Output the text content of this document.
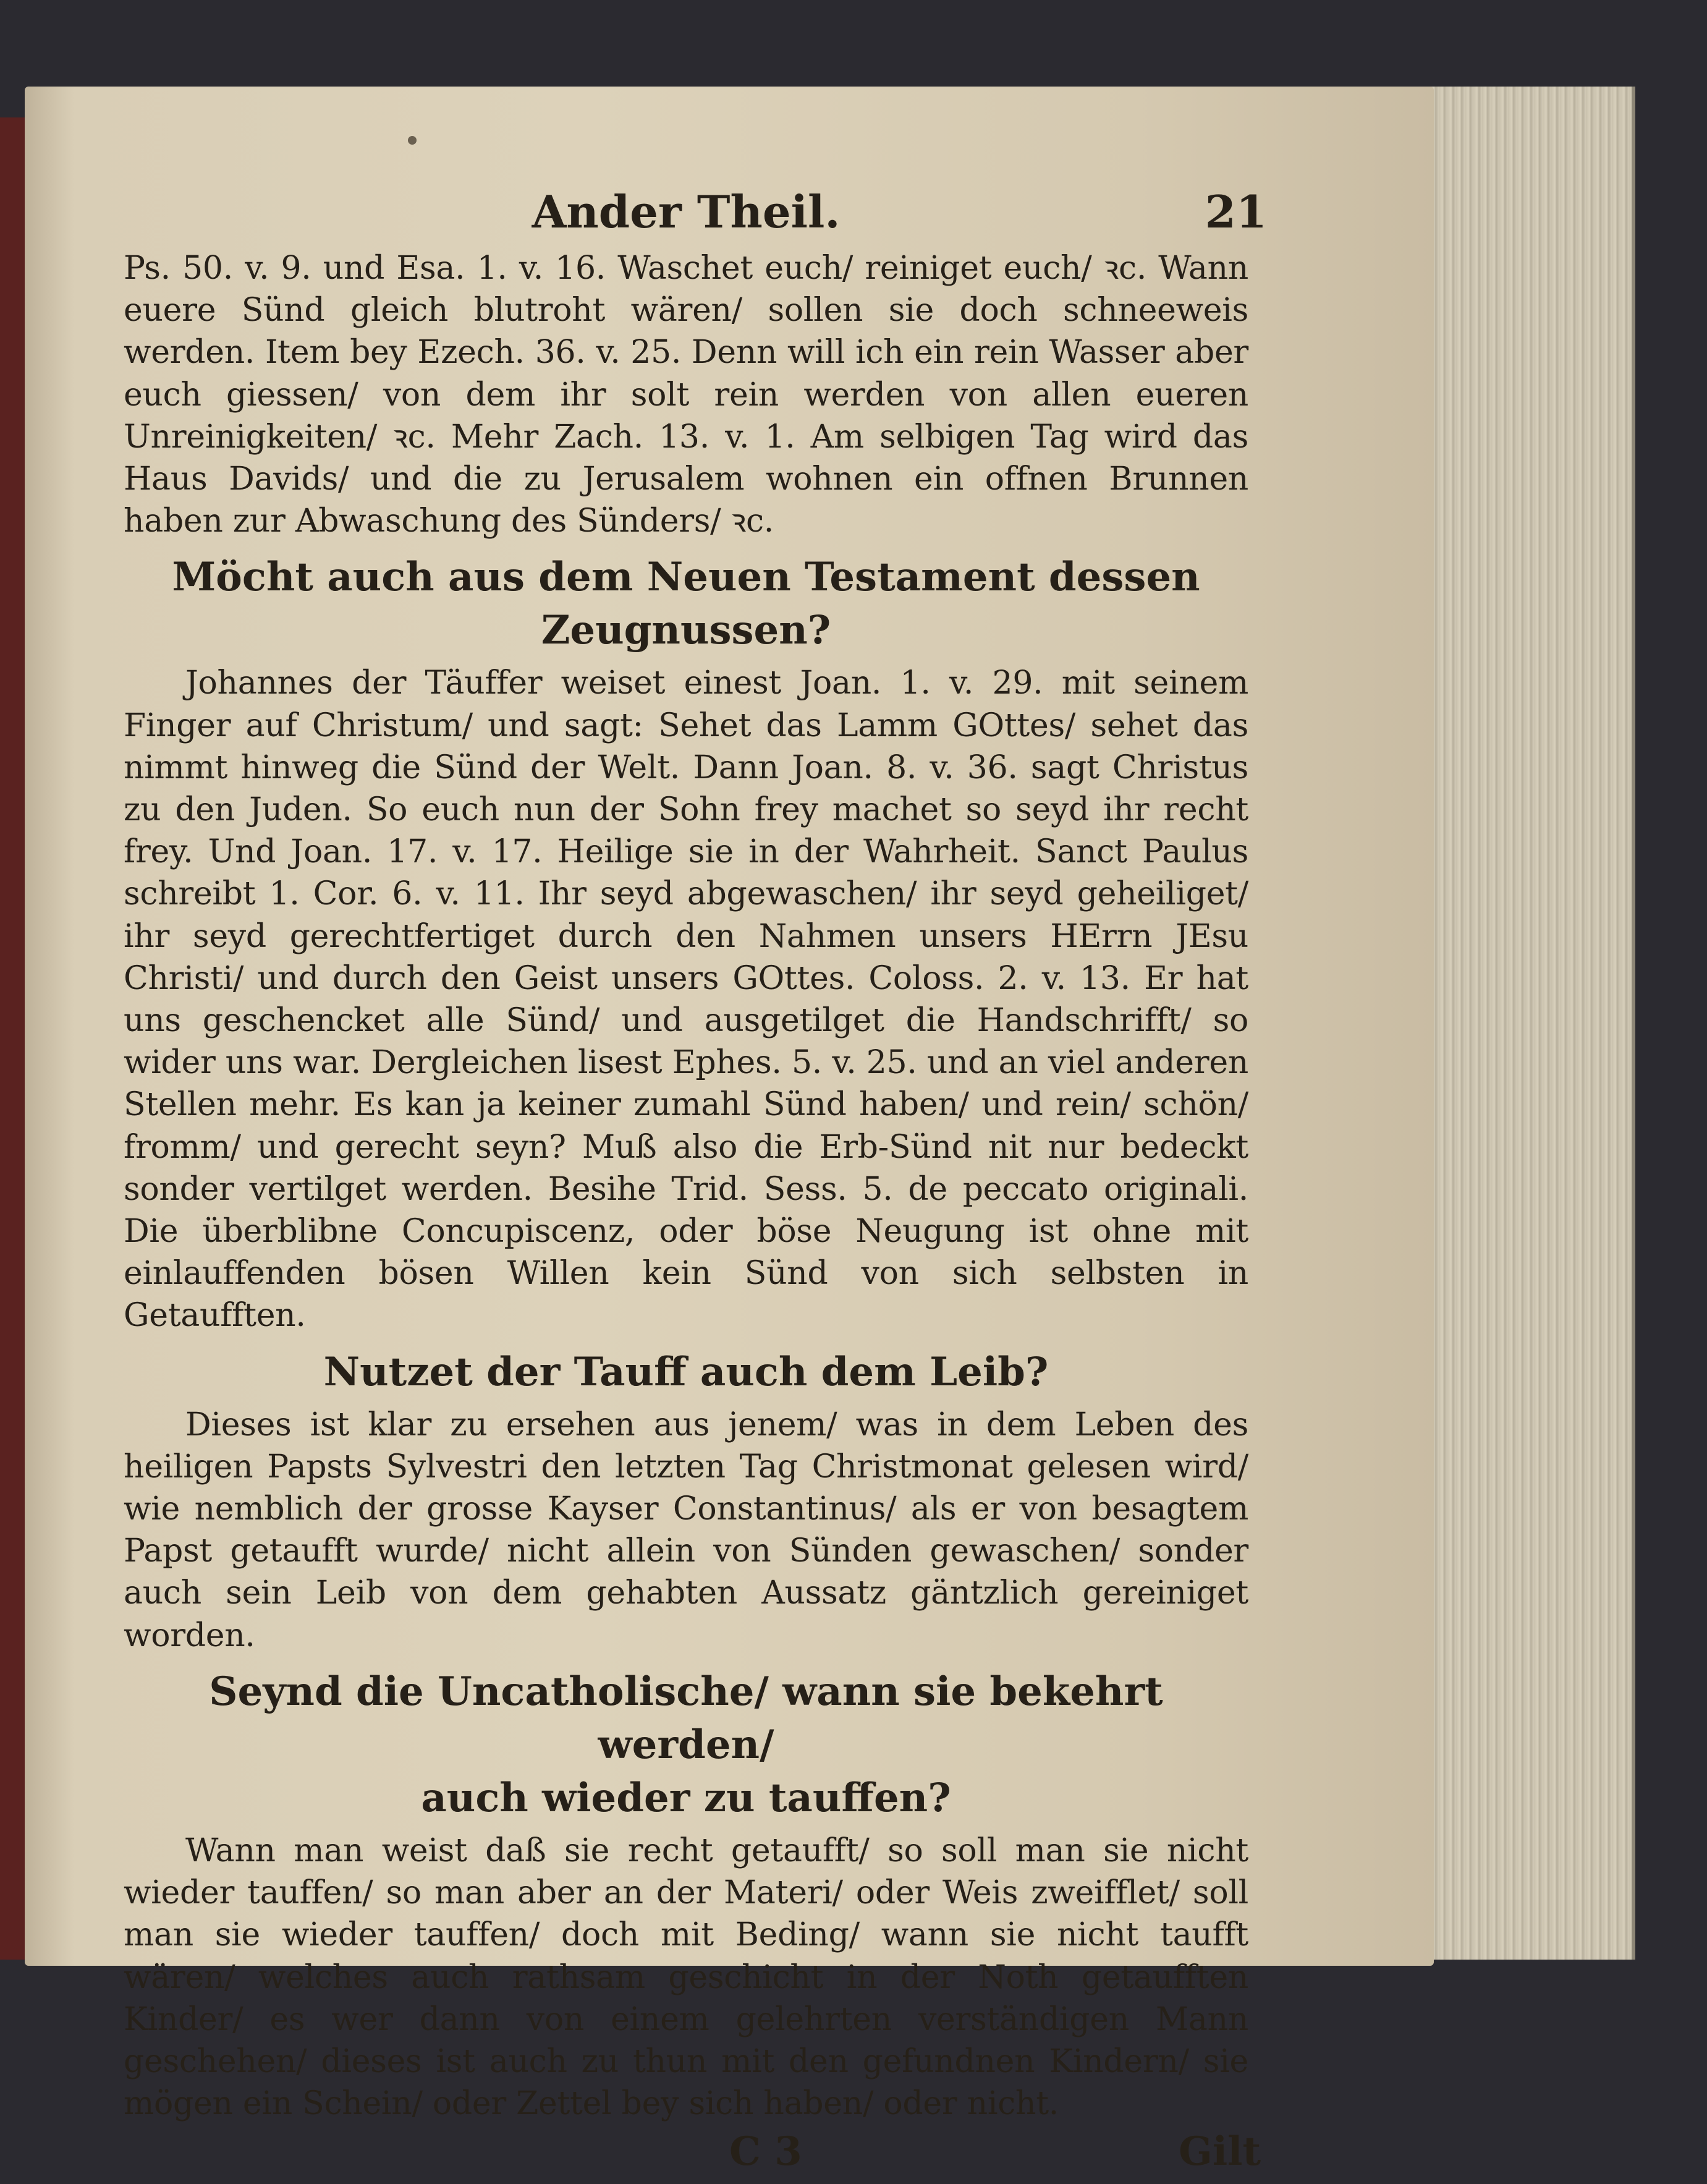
Ander Theil.	21

Ps. 50. v. 9. und Esa. 1. v. 16. Waschet euch/ reiniget euch/ ꝛc. Wann euere Sünd gleich blutroht wären/ sollen sie doch schneeweis werden. Item bey Ezech. 36. v. 25. Denn will ich ein rein Wasser aber euch giessen/ von dem ihr solt rein werden von allen eueren Unreinigkeiten/ ꝛc. Mehr Zach. 13. v. 1. Am selbigen Tag wird das Haus Davids/ und die zu Jerusalem wohnen ein offnen Brunnen haben zur Abwaschung des Sünders/ ꝛc.

Möcht auch aus dem Neuen Testament dessen
Zeugnussen?

Johannes der Täuffer weiset einest Joan. 1. v. 29. mit seinem Finger auf Christum/ und sagt: Sehet das Lamm GOttes/ sehet das nimmt hinweg die Sünd der Welt. Dann Joan. 8. v. 36. sagt Christus zu den Juden. So euch nun der Sohn frey machet so seyd ihr recht frey. Und Joan. 17. v. 17. Heilige sie in der Wahrheit. Sanct Paulus schreibt 1. Cor. 6. v. 11. Ihr seyd abgewaschen/ ihr seyd geheiliget/ ihr seyd gerechtfertiget durch den Nahmen unsers HErrn JEsu Christi/ und durch den Geist unsers GOttes. Coloss. 2. v. 13. Er hat uns geschencket alle Sünd/ und ausgetilget die Handschrifft/ so wider uns war. Dergleichen lisest Ephes. 5. v. 25. und an viel anderen Stellen mehr. Es kan ja keiner zumahl Sünd haben/ und rein/ schön/ fromm/ und gerecht seyn? Muß also die Erb-Sünd nit nur bedeckt sonder vertilget werden. Besihe Trid. Sess. 5. de peccato originali. Die überblibne Concupiscenz, oder böse Neugung ist ohne mit einlauffenden bösen Willen kein Sünd von sich selbsten in Getaufften.

Nutzet der Tauff auch dem Leib?

Dieses ist klar zu ersehen aus jenem/ was in dem Leben des heiligen Papsts Sylvestri den letzten Tag Christmonat gelesen wird/ wie nemblich der grosse Kayser Constantinus/ als er von besagtem Papst getaufft wurde/ nicht allein von Sünden gewaschen/ sonder auch sein Leib von dem gehabten Aussatz gäntzlich gereiniget worden.

Seynd die Uncatholische/ wann sie bekehrt werden/
auch wieder zu tauffen?

Wann man weist daß sie recht getaufft/ so soll man sie nicht wieder tauffen/ so man aber an der Materi/ oder Weis zweifflet/ soll man sie wieder tauffen/ doch mit Beding/ wann sie nicht taufft wären/ welches auch rathsam geschicht in der Noth getaufften Kinder/ es wer dann von einem gelehrten verständigen Mann geschehen/ dieses ist auch zu thun mit den gefundnen Kindern/ sie mögen ein Schein/ oder Zettel bey sich haben/ oder nicht.

C 3	Gilt
